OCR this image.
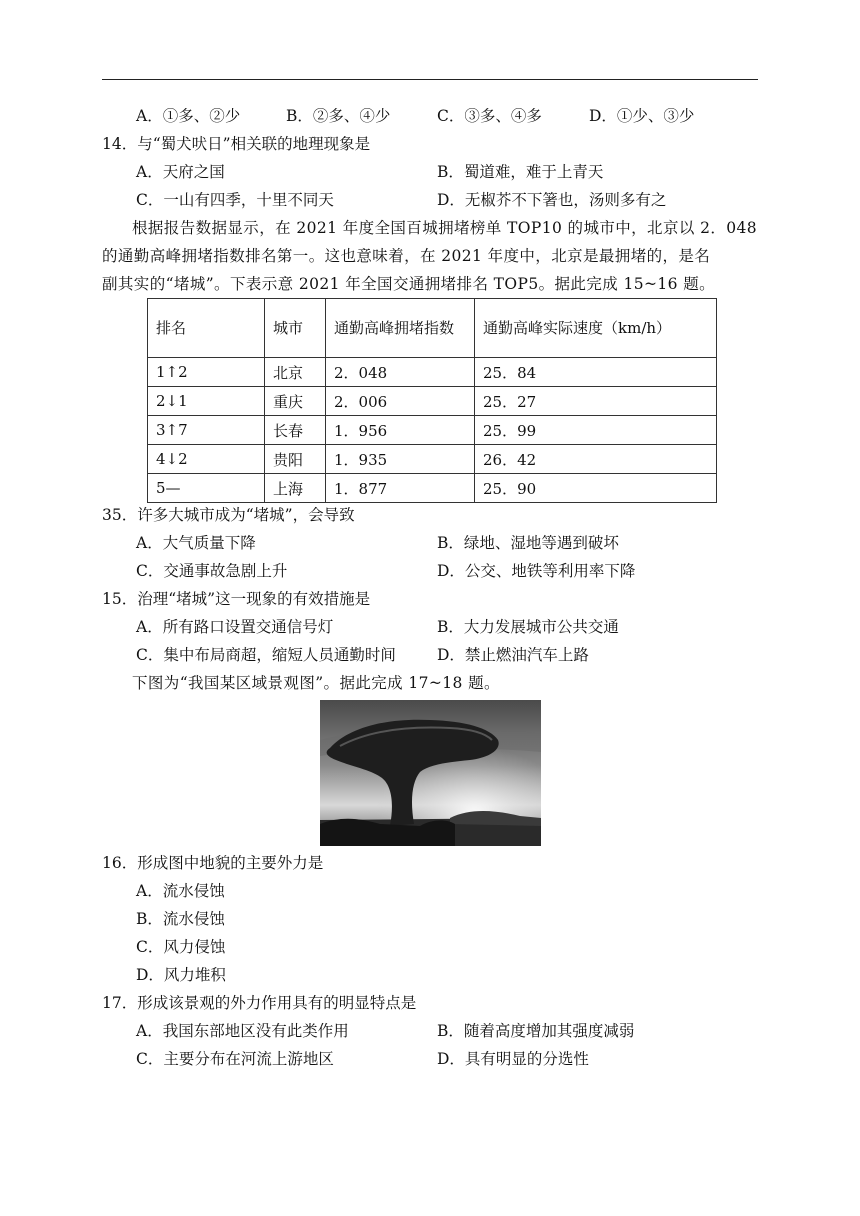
A．①多、②少	B．②多、④少	C．③多、④多	D．①少、③少
14．与“蜀犬吠日”相关联的地理现象是
A．天府之国	B．蜀道难，难于上青天
C．一山有四季，十里不同天	D．无椒芥不下箸也，汤则多有之
根据报告数据显示，在 2021 年度全国百城拥堵榜单 TOP10 的城市中，北京以 2．048
的通勤高峰拥堵指数排名第一。这也意味着，在 2021 年度中，北京是最拥堵的，是名
副其实的“堵城”。下表示意 2021 年全国交通拥堵排名 TOP5。据此完成 15~16 题。
排名	城市	通勤高峰拥堵指数	通勤高峰实际速度（km/h）
1↑2	北京	2．048	25．84
2↓1	重庆	2．006	25．27
3↑7	长春	1．956	25．99
4↓2	贵阳	1．935	26．42
5—	上海	1．877	25．90
35．许多大城市成为“堵城”，会导致
A．大气质量下降	B．绿地、湿地等遇到破坏
C．交通事故急剧上升	D．公交、地铁等利用率下降
15．治理“堵城”这一现象的有效措施是
A．所有路口设置交通信号灯	B．大力发展城市公共交通
C．集中布局商超，缩短人员通勤时间	D．禁止燃油汽车上路
下图为“我国某区域景观图”。据此完成 17~18 题。
16．形成图中地貌的主要外力是
A．流水侵蚀
B．流水侵蚀
C．风力侵蚀
D．风力堆积
17．形成该景观的外力作用具有的明显特点是
A．我国东部地区没有此类作用	B．随着高度增加其强度减弱
C．主要分布在河流上游地区	D．具有明显的分选性
